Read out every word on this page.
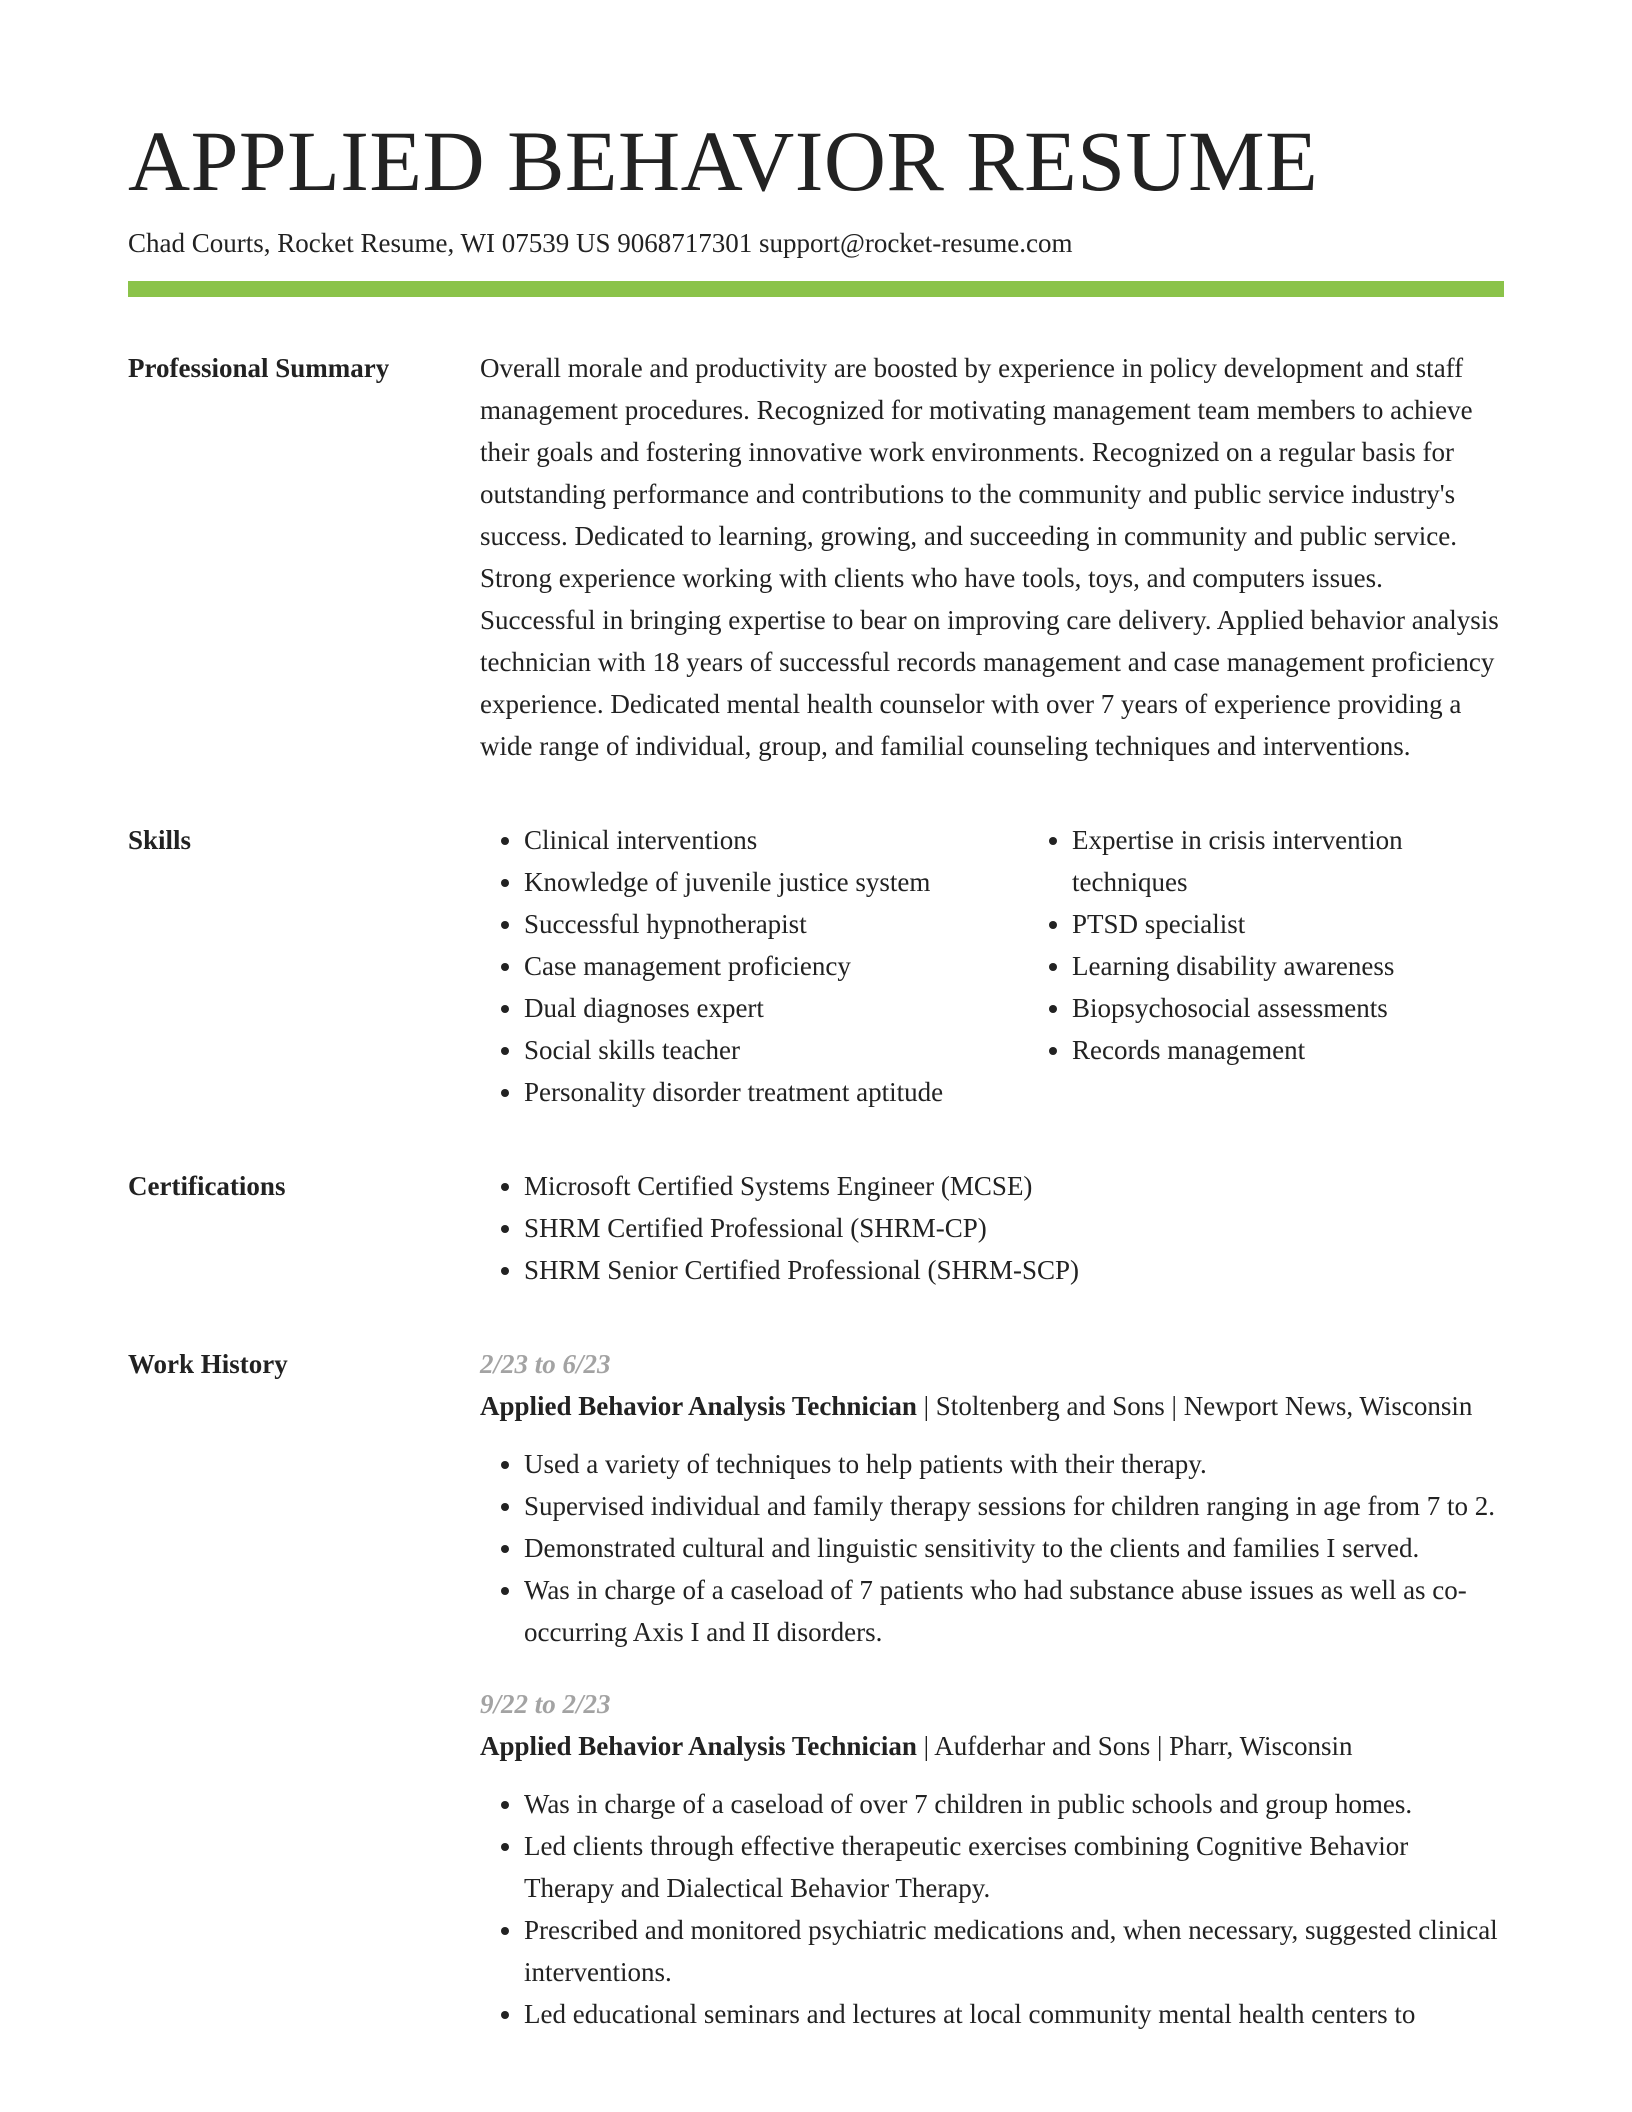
APPLIED BEHAVIOR RESUME
Chad Courts, Rocket Resume, WI 07539 US 9068717301 support@rocket-resume.com
Professional Summary	Overall morale and productivity are boosted by experience in policy development and staff management procedures. Recognized for motivating management team members to achieve their goals and fostering innovative work environments. Recognized on a regular basis for outstanding performance and contributions to the community and public service industry's success. Dedicated to learning, growing, and succeeding in community and public service. Strong experience working with clients who have tools, toys, and computers issues. Successful in bringing expertise to bear on improving care delivery. Applied behavior analysis technician with 18 years of successful records management and case management proficiency experience. Dedicated mental health counselor with over 7 years of experience providing a wide range of individual, group, and familial counseling techniques and interventions.

Skills	• Clinical interventions
• Knowledge of juvenile justice system
• Successful hypnotherapist
• Case management proficiency
• Dual diagnoses expert
• Social skills teacher
• Personality disorder treatment aptitude
• Expertise in crisis intervention techniques
• PTSD specialist
• Learning disability awareness
• Biopsychosocial assessments
• Records management
Certifications	• Microsoft Certified Systems Engineer (MCSE)
• SHRM Certified Professional (SHRM-CP)
• SHRM Senior Certified Professional (SHRM-SCP)
Work History	2/23 to 6/23
Applied Behavior Analysis Technician | Stoltenberg and Sons | Newport News, Wisconsin
• Used a variety of techniques to help patients with their therapy.
• Supervised individual and family therapy sessions for children ranging in age from 7 to 2.
• Demonstrated cultural and linguistic sensitivity to the clients and families I served.
• Was in charge of a caseload of 7 patients who had substance abuse issues as well as co-occurring Axis I and II disorders.
9/22 to 2/23
Applied Behavior Analysis Technician | Aufderhar and Sons | Pharr, Wisconsin
• Was in charge of a caseload of over 7 children in public schools and group homes.
• Led clients through effective therapeutic exercises combining Cognitive Behavior Therapy and Dialectical Behavior Therapy.
• Prescribed and monitored psychiatric medications and, when necessary, suggested clinical interventions.
• Led educational seminars and lectures at local community mental health centers to
